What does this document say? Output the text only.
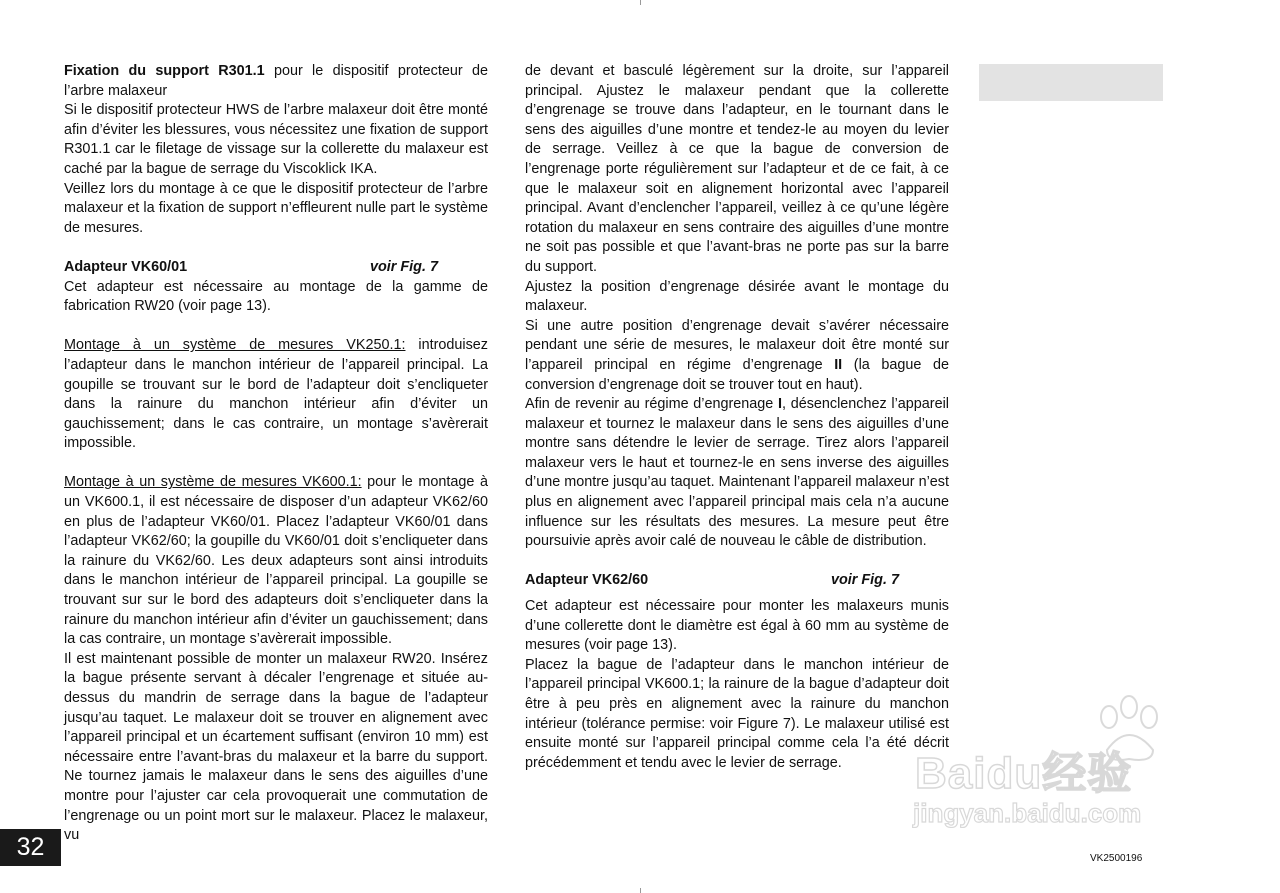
Fixation du support R301.1 pour le dispositif protecteur de l’arbre malaxeur

Si le dispositif protecteur HWS de l’arbre malaxeur doit être monté afin d’éviter les blessures, vous nécessitez une fixation de support R301.1 car le filetage de vissage sur la collerette du malaxeur est caché par la bague de serrage du Viscoklick IKA.

Veillez lors du montage à ce que le dispositif protecteur de l’arbre malaxeur et la fixation de support n’effleurent nulle part le système de mesures.

Adapteur VK60/01	voir Fig. 7

Cet adapteur est nécessaire au montage de la gamme de fabrication RW20 (voir page 13).

Montage à un système de mesures VK250.1: introduisez l’adapteur dans le manchon intérieur de l’appareil principal. La goupille se trouvant sur le bord de l’adapteur doit s’encliqueter dans la rainure du manchon intérieur afin d’éviter un gauchissement; dans le cas contraire, un montage s’avèrerait impossible.

Montage à un système de mesures VK600.1: pour le montage à un VK600.1, il est nécessaire de disposer d’un adapteur VK62/60 en plus de l’adapteur VK60/01. Placez l’adapteur VK60/01 dans l’adapteur VK62/60; la goupille du VK60/01 doit s’encliqueter dans la rainure du VK62/60. Les deux adapteurs sont ainsi introduits dans le manchon intérieur de l’appareil principal. La goupille se trouvant sur sur le bord des adapteurs doit s’encliqueter dans la rainure du manchon intérieur afin d’éviter un gauchissement; dans la cas contraire, un montage s’avèrerait impossible.

Il est maintenant possible de monter un malaxeur RW20. Insérez la bague présente servant à décaler l’engrenage et située au-dessus du mandrin de serrage dans la bague de l’adapteur jusqu’au taquet. Le malaxeur doit se trouver en alignement avec l’appareil principal et un écartement suffisant (environ 10 mm) est nécessaire entre l’avant-bras du malaxeur et la barre du support. Ne tournez jamais le malaxeur dans le sens des aiguilles d’une montre pour l’ajuster car cela provoquerait une commutation de l’engrenage ou un point mort sur le malaxeur. Placez le malaxeur, vu

de devant et basculé légèrement sur la droite, sur l’appareil principal. Ajustez le malaxeur pendant que la collerette d’engrenage se trouve dans l’adapteur, en le tournant dans le sens des aiguilles d’une montre et tendez-le au moyen du levier de serrage. Veillez à ce que la bague de conversion de l’engrenage porte régulièrement sur l’adapteur et de ce fait, à ce que le malaxeur soit en alignement horizontal avec l’appareil principal. Avant d’enclencher l’appareil, veillez à ce qu’une légère rotation du malaxeur en sens contraire des aiguilles d’une montre ne soit pas possible et que l’avant-bras ne porte pas sur la barre du support.

Ajustez la position d’engrenage désirée avant le montage du malaxeur.

Si une autre position d’engrenage devait s’avérer nécessaire pendant une série de mesures, le malaxeur doit être monté sur l’appareil principal en régime d’engrenage II (la bague de conversion d’engrenage doit se trouver tout en haut).

Afin de revenir au régime d’engrenage I, désenclenchez l’appareil malaxeur et tournez le malaxeur dans le sens des aiguilles d’une montre sans détendre le levier de serrage. Tirez alors l’appareil malaxeur vers le haut et tournez-le en sens inverse des aiguilles d’une montre jusqu’au taquet. Maintenant l’appareil malaxeur n’est plus en alignement avec l’appareil principal mais cela n’a aucune influence sur les résultats des mesures. La mesure peut être poursuivie après avoir calé de nouveau le câble de distribution.

Adapteur VK62/60	voir Fig. 7

Cet adapteur est nécessaire pour monter les malaxeurs munis d’une collerette dont le diamètre est égal à 60 mm au système de mesures (voir page 13).

Placez la bague de l’adapteur dans le manchon intérieur de l’appareil principal VK600.1; la rainure de la bague d’adapteur doit être à peu près en alignement avec la rainure du manchon intérieur (tolérance permise: voir Figure 7). Le malaxeur utilisé est ensuite monté sur l’appareil principal comme cela l’a été décrit précédemment et tendu avec le levier de serrage.

32	VK2500196
Baidu经验
jingyan.baidu.com
